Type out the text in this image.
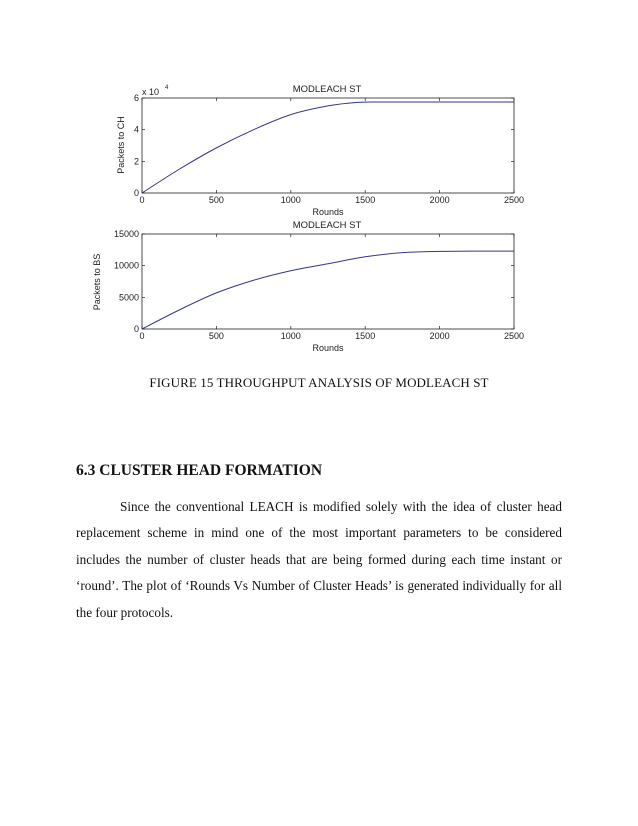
MODLEACH ST
x 10 4
0	500	1000	1500	2000	2500
0
2
4
6
Rounds
Packets to CH
MODLEACH ST
0	500	1000	1500	2000	2500
0
5000
10000
15000
Rounds
Packets to BS
FIGURE 15 THROUGHPUT ANALYSIS OF MODLEACH ST
6.3 CLUSTER HEAD FORMATION

Since the conventional LEACH is modified solely with the idea of cluster head replacement scheme in mind one of the most important parameters to be considered includes the number of cluster heads that are being formed during each time instant or ‘round’. The plot of ‘Rounds Vs Number of Cluster Heads’ is generated individually for all the four protocols.
